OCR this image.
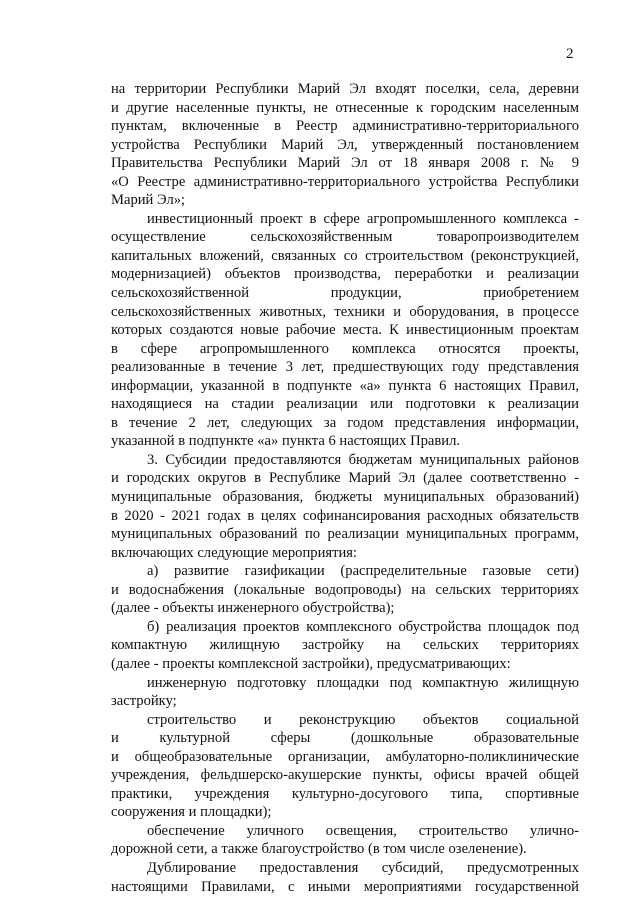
2
на территории Республики Марий Эл входят поселки, села, деревни
и другие населенные пункты, не отнесенные к городским населенным
пунктам, включенные в Реестр административно-территориального
устройства Республики Марий Эл, утвержденный постановлением
Правительства Республики Марий Эл от 18 января 2008 г. № 9
«О Реестре административно-территориального устройства Республики
Марий Эл»;
инвестиционный проект в сфере агропромышленного комплекса -
осуществление сельскохозяйственным товаропроизводителем
капитальных вложений, связанных со строительством (реконструкцией,
модернизацией) объектов производства, переработки и реализации
сельскохозяйственной продукции, приобретением
сельскохозяйственных животных, техники и оборудования, в процессе
которых создаются новые рабочие места. К инвестиционным проектам
в сфере агропромышленного комплекса относятся проекты,
реализованные в течение 3 лет, предшествующих году представления
информации, указанной в подпункте «а» пункта 6 настоящих Правил,
находящиеся на стадии реализации или подготовки к реализации
в течение 2 лет, следующих за годом представления информации,
указанной в подпункте «а» пункта 6 настоящих Правил.
3. Субсидии предоставляются бюджетам муниципальных районов
и городских округов в Республике Марий Эл (далее соответственно -
муниципальные образования, бюджеты муниципальных образований)
в 2020 - 2021 годах в целях софинансирования расходных обязательств
муниципальных образований по реализации муниципальных программ,
включающих следующие мероприятия:
а) развитие газификации (распределительные газовые сети)
и водоснабжения (локальные водопроводы) на сельских территориях
(далее - объекты инженерного обустройства);
б) реализация проектов комплексного обустройства площадок под
компактную жилищную застройку на сельских территориях
(далее - проекты комплексной застройки), предусматривающих:
инженерную подготовку площадки под компактную жилищную
застройку;
строительство и реконструкцию объектов социальной
и культурной сферы (дошкольные образовательные
и общеобразовательные организации, амбулаторно-поликлинические
учреждения, фельдшерско-акушерские пункты, офисы врачей общей
практики, учреждения культурно-досугового типа, спортивные
сооружения и площадки);
обеспечение уличного освещения, строительство улично-
дорожной сети, а также благоустройство (в том числе озеленение).
Дублирование предоставления субсидий, предусмотренных
настоящими Правилами, с иными мероприятиями государственной
